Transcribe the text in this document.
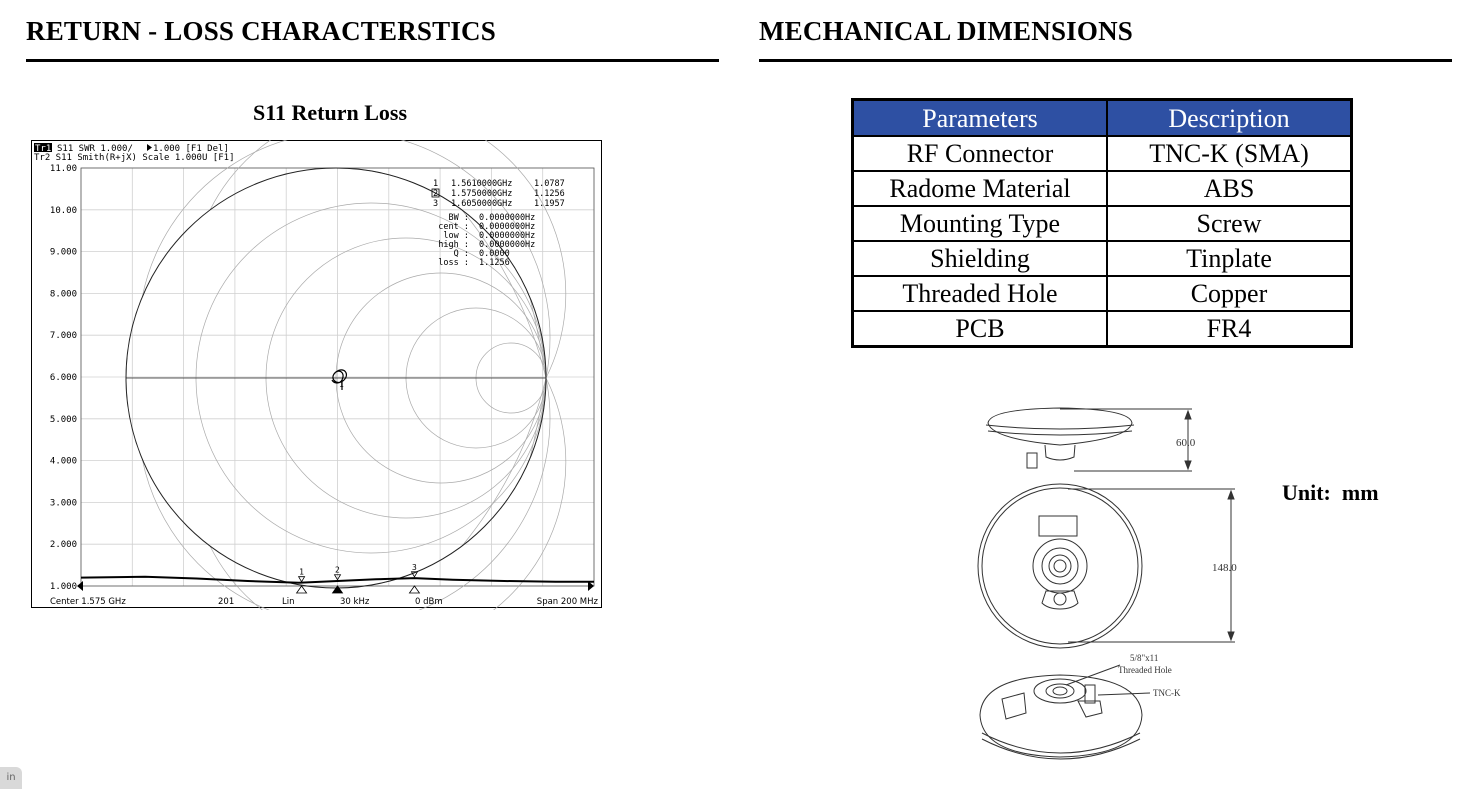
RETURN - LOSS CHARACTERSTICS	MECHANICAL DIMENSIONS
S11 Return Loss
Tr1 S11 SWR 1.000/ 1.000 [F1 Del]
Tr2 S11 Smith(R+jX) Scale 1.000U [F1]
1
11.00
10.00
9.000
8.000
7.000
6.000
5.000
4.000
3.000
2.000
1.000
1 1.5610000GHz	1.0787
2 1.5750000GHz	1.1256
3 1.6050000GHz	1.1957
BW : 0.0000000Hz
cent : 0.0000000Hz
low : 0.0000000Hz
high : 0.0000000Hz
Q : 0.0000
loss : 1.1256
1	2	3
Center 1.575 GHz	201	Lin	30 kHz	0 dBm	Span 200 MHz
Parameters	Description
RF Connector	TNC-K (SMA)
Radome Material	ABS
Mounting Type	Screw
Shielding	Tinplate
Threaded Hole	Copper
PCB	FR4
60.0
148.0
5/8"x11
Threaded Hole
TNC-K
Unit: mm
in
